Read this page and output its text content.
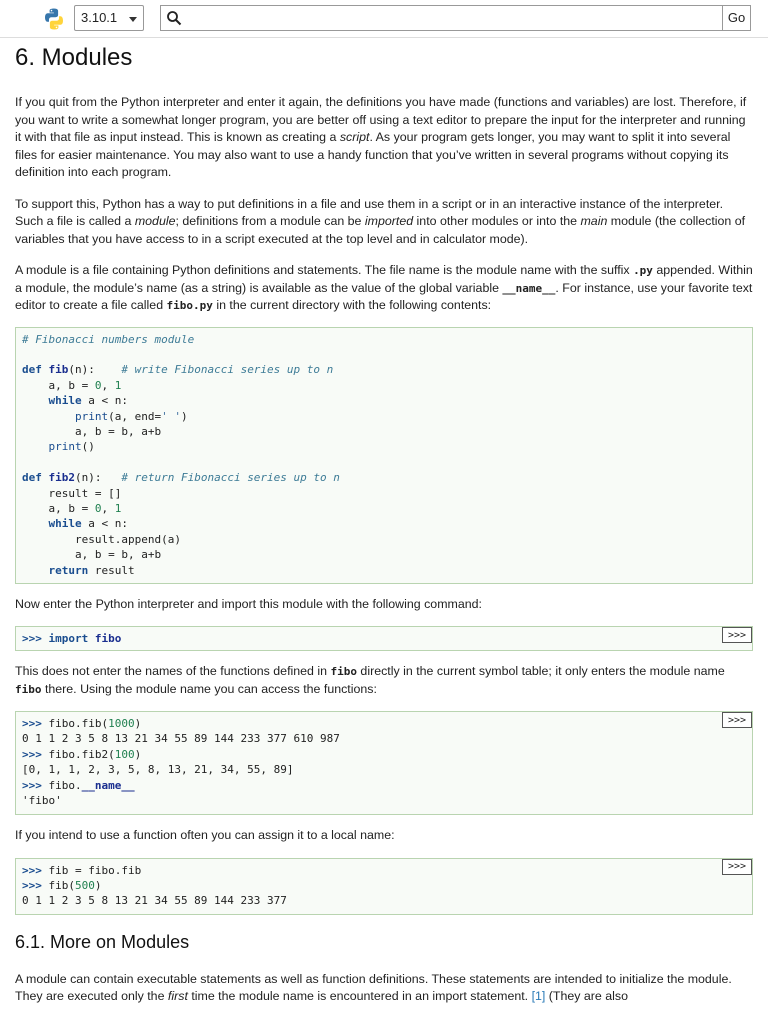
3.10.1	Go
6. Modules

If you quit from the Python interpreter and enter it again, the definitions you have made (functions and variables) are lost. Therefore, if you want to write a somewhat longer program, you are better off using a text editor to prepare the input for the interpreter and running it with that file as input instead. This is known as creating a script. As your program gets longer, you may want to split it into several files for easier maintenance. You may also want to use a handy function that you’ve written in several programs without copying its definition into each program.

To support this, Python has a way to put definitions in a file and use them in a script or in an interactive instance of the interpreter. Such a file is called a module; definitions from a module can be imported into other modules or into the main module (the collection of variables that you have access to in a script executed at the top level and in calculator mode).

A module is a file containing Python definitions and statements. The file name is the module name with the suffix .py appended. Within a module, the module’s name (as a string) is available as the value of the global variable __name__. For instance, use your favorite text editor to create a file called fibo.py in the current directory with the following contents:

# Fibonacci numbers module

def fib(n):    # write Fibonacci series up to n
a, b = 0, 1
while a < n:
print(a, end=' ')
a, b = b, a+b
print()

def fib2(n):   # return Fibonacci series up to n
result = []
a, b = 0, 1
while a < n:
result.append(a)
a, b = b, a+b
return result

Now enter the Python interpreter and import this module with the following command:

>>> import fibo	>>>

This does not enter the names of the functions defined in fibo directly in the current symbol table; it only enters the module name fibo there. Using the module name you can access the functions:

>>> fibo.fib(1000)
0 1 1 2 3 5 8 13 21 34 55 89 144 233 377 610 987
>>> fibo.fib2(100)
[0, 1, 1, 2, 3, 5, 8, 13, 21, 34, 55, 89]
>>> fibo.__name__
'fibo'
>>>

If you intend to use a function often you can assign it to a local name:

>>> fib = fibo.fib
>>> fib(500)
0 1 1 2 3 5 8 13 21 34 55 89 144 233 377
>>>
6.1. More on Modules

A module can contain executable statements as well as function definitions. These statements are intended to initialize the module. They are executed only the first time the module name is encountered in an import statement. [1] (They are also
